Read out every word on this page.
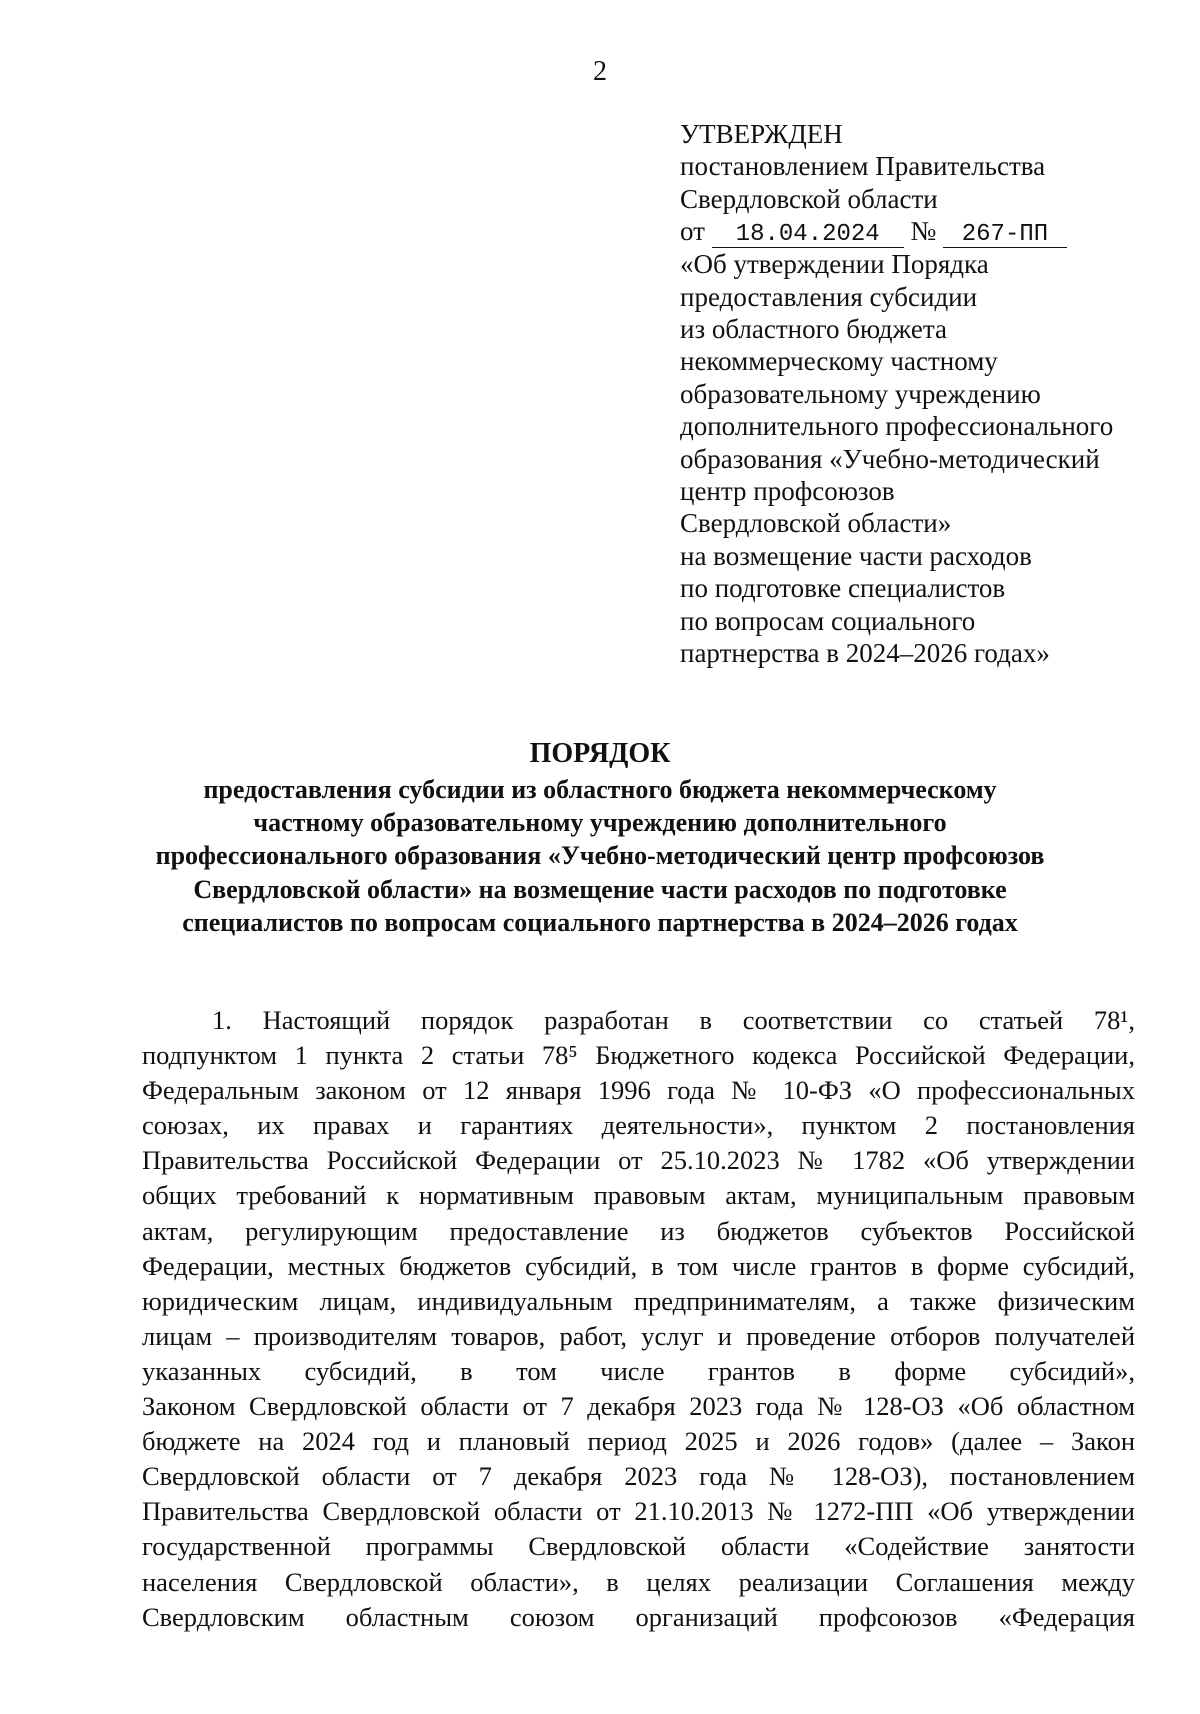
2
УТВЕРЖДЕН
постановлением Правительства
Свердловской области
от 18.04.2024 № 267-ПП
«Об утверждении Порядка
предоставления субсидии
из областного бюджета
некоммерческому частному
образовательному учреждению
дополнительного профессионального
образования «Учебно-методический
центр профсоюзов
Свердловской области»
на возмещение части расходов
по подготовке специалистов
по вопросам социального
партнерства в 2024–2026 годах»
ПОРЯДОК
предоставления субсидии из областного бюджета некоммерческому
частному образовательному учреждению дополнительного
профессионального образования «Учебно-методический центр профсоюзов
Свердловской области» на возмещение части расходов по подготовке
специалистов по вопросам социального партнерства в 2024–2026 годах
1. Настоящий порядок разработан в соответствии со статьей 78¹,
подпунктом 1 пункта 2 статьи 78⁵ Бюджетного кодекса Российской Федерации,
Федеральным законом от 12 января 1996 года № 10-ФЗ «О профессиональных
союзах, их правах и гарантиях деятельности», пунктом 2 постановления
Правительства Российской Федерации от 25.10.2023 № 1782 «Об утверждении
общих требований к нормативным правовым актам, муниципальным правовым
актам, регулирующим предоставление из бюджетов субъектов Российской
Федерации, местных бюджетов субсидий, в том числе грантов в форме субсидий,
юридическим лицам, индивидуальным предпринимателям, а также физическим
лицам – производителям товаров, работ, услуг и проведение отборов получателей
указанных субсидий, в том числе грантов в форме субсидий»,
Законом Свердловской области от 7 декабря 2023 года № 128-ОЗ «Об областном
бюджете на 2024 год и плановый период 2025 и 2026 годов» (далее – Закон
Свердловской области от 7 декабря 2023 года № 128-ОЗ), постановлением
Правительства Свердловской области от 21.10.2013 № 1272-ПП «Об утверждении
государственной программы Свердловской области «Содействие занятости
населения Свердловской области», в целях реализации Соглашения между
Свердловским областным союзом организаций профсоюзов «Федерация
